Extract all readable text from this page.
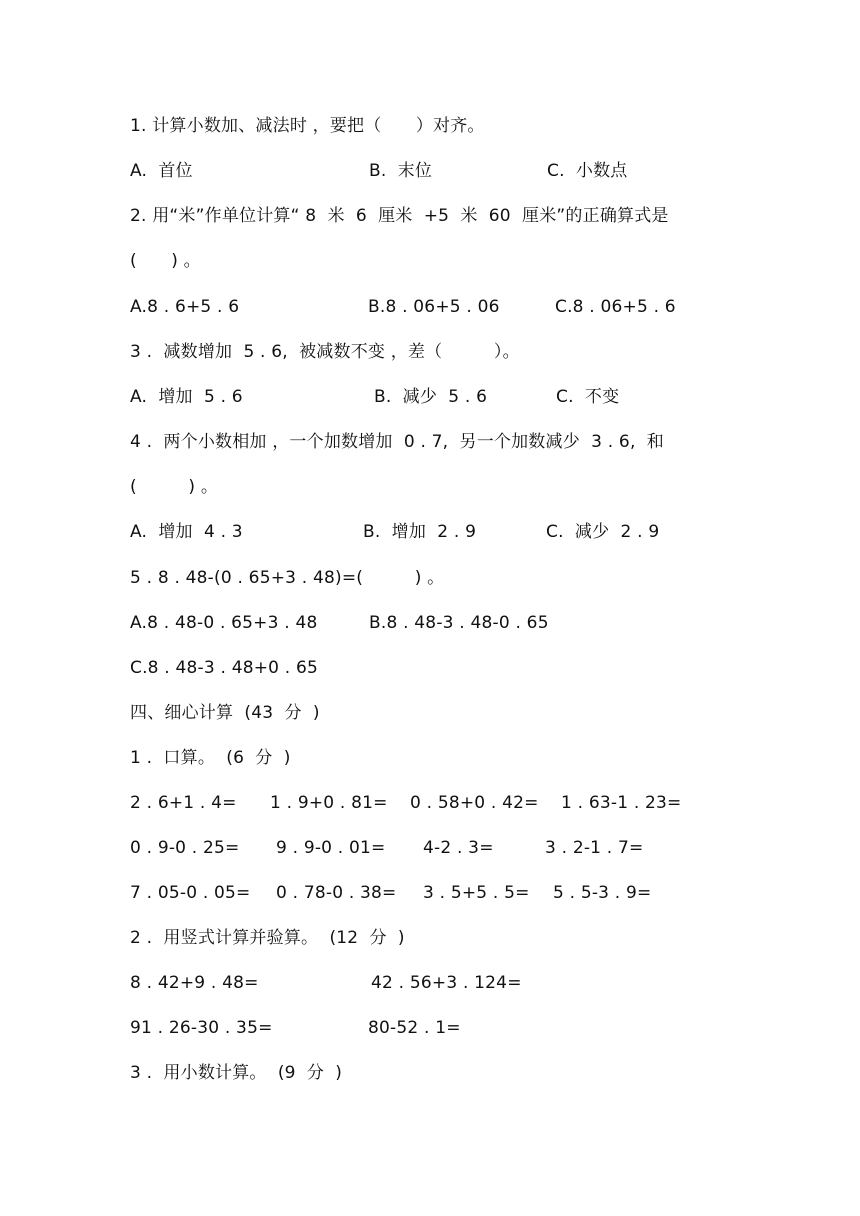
1. 计算小数加、减法时 ，要把（　　）对齐。
A.  首位	B.  末位	C.  小数点
2. 用“米”作单位计算“ 8  米  6  厘米  +5  米  60  厘米”的正确算式是
(　　) 。
A.8 . 6+5 . 6	B.8 . 06+5 . 06	C.8 . 06+5 . 6
3 .  减数增加  5 . 6,  被减数不变 ，差（　　　）。
A.  增加  5 . 6	B.  减少  5 . 6	C.  不变
4 .  两个小数相加 ，一个加数增加  0 . 7,  另一个加数减少  3 . 6,  和
(　　　) 。
A.  增加  4 . 3	B.  增加  2 . 9	C.  减少  2 . 9
5 . 8 . 48-(0 . 65+3 . 48)=(　　　) 。
A.8 . 48-0 . 65+3 . 48	B.8 . 48-3 . 48-0 . 65
C.8 . 48-3 . 48+0 . 65
四、细心计算  (43  分  )
1 .  口算。  (6  分  )
2 . 6+1 . 4= 1 . 9+0 . 81= 0 . 58+0 . 42= 1 . 63-1 . 23=
0 . 9-0 . 25= 9 . 9-0 . 01= 4-2 . 3=	3 . 2-1 . 7=
7 . 05-0 . 05= 0 . 78-0 . 38= 3 . 5+5 . 5= 5 . 5-3 . 9=
2 .  用竖式计算并验算。  (12  分  )
8 . 42+9 . 48=	42 . 56+3 . 124=
91 . 26-30 . 35=	80-52 . 1=
3 .  用小数计算。  (9  分  )
